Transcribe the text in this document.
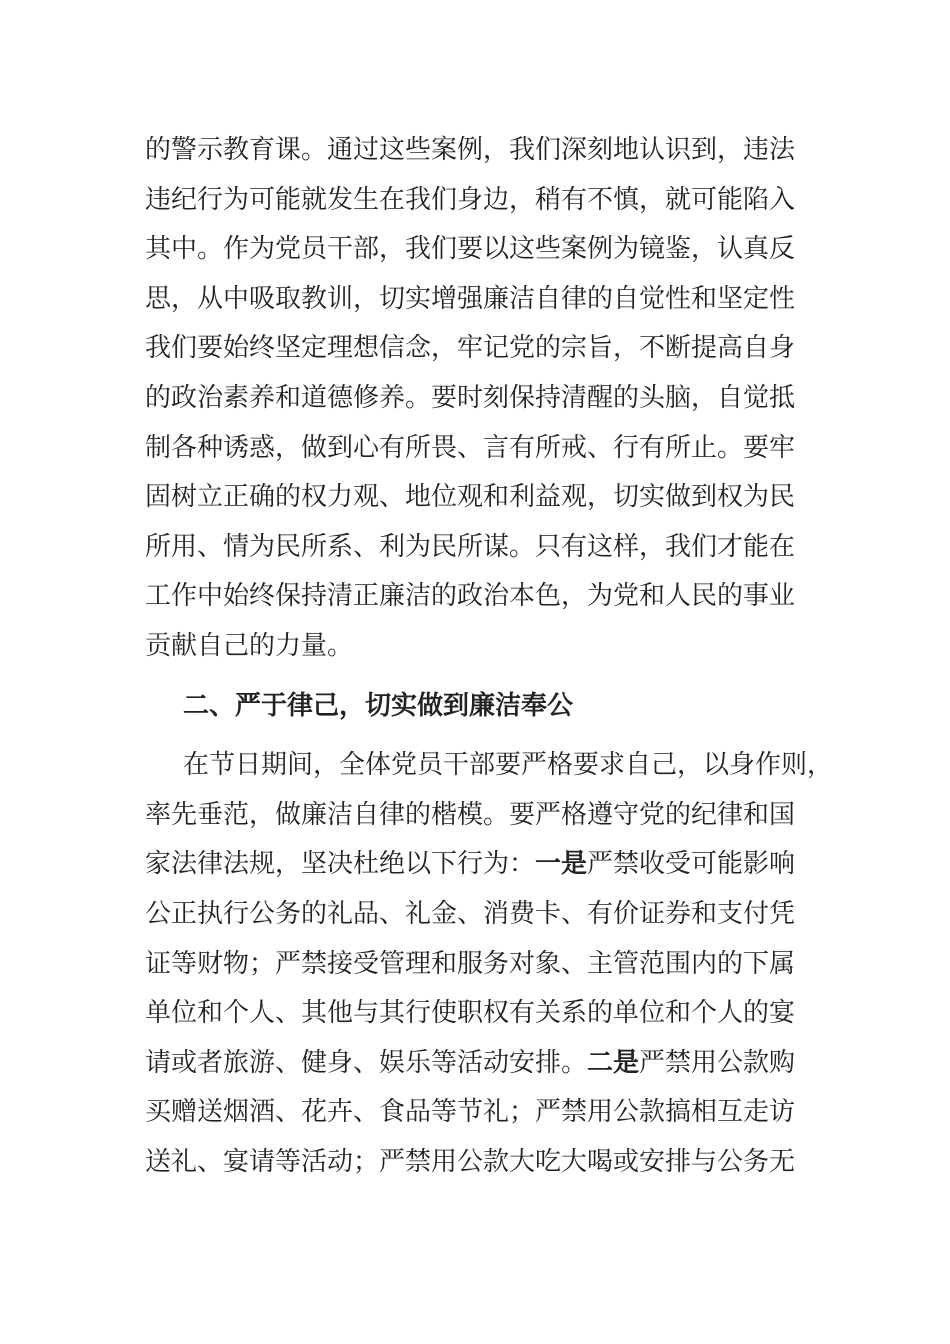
的警示教育课。通过这些案例，我们深刻地认识到，违法
违纪行为可能就发生在我们身边，稍有不慎，就可能陷入
其中。作为党员干部，我们要以这些案例为镜鉴，认真反
思，从中吸取教训，切实增强廉洁自律的自觉性和坚定性
我们要始终坚定理想信念，牢记党的宗旨，不断提高自身
的政治素养和道德修养。要时刻保持清醒的头脑，自觉抵
制各种诱惑，做到心有所畏、言有所戒、行有所止。要牢
固树立正确的权力观、地位观和利益观，切实做到权为民
所用、情为民所系、利为民所谋。只有这样，我们才能在
工作中始终保持清正廉洁的政治本色，为党和人民的事业
贡献自己的力量。
二、严于律己，切实做到廉洁奉公
在节日期间，全体党员干部要严格要求自己，以身作则，
率先垂范，做廉洁自律的楷模。要严格遵守党的纪律和国
家法律法规，坚决杜绝以下行为：一是严禁收受可能影响
公正执行公务的礼品、礼金、消费卡、有价证券和支付凭
证等财物；严禁接受管理和服务对象、主管范围内的下属
单位和个人、其他与其行使职权有关系的单位和个人的宴
请或者旅游、健身、娱乐等活动安排。二是严禁用公款购
买赠送烟酒、花卉、食品等节礼；严禁用公款搞相互走访
送礼、宴请等活动；严禁用公款大吃大喝或安排与公务无
